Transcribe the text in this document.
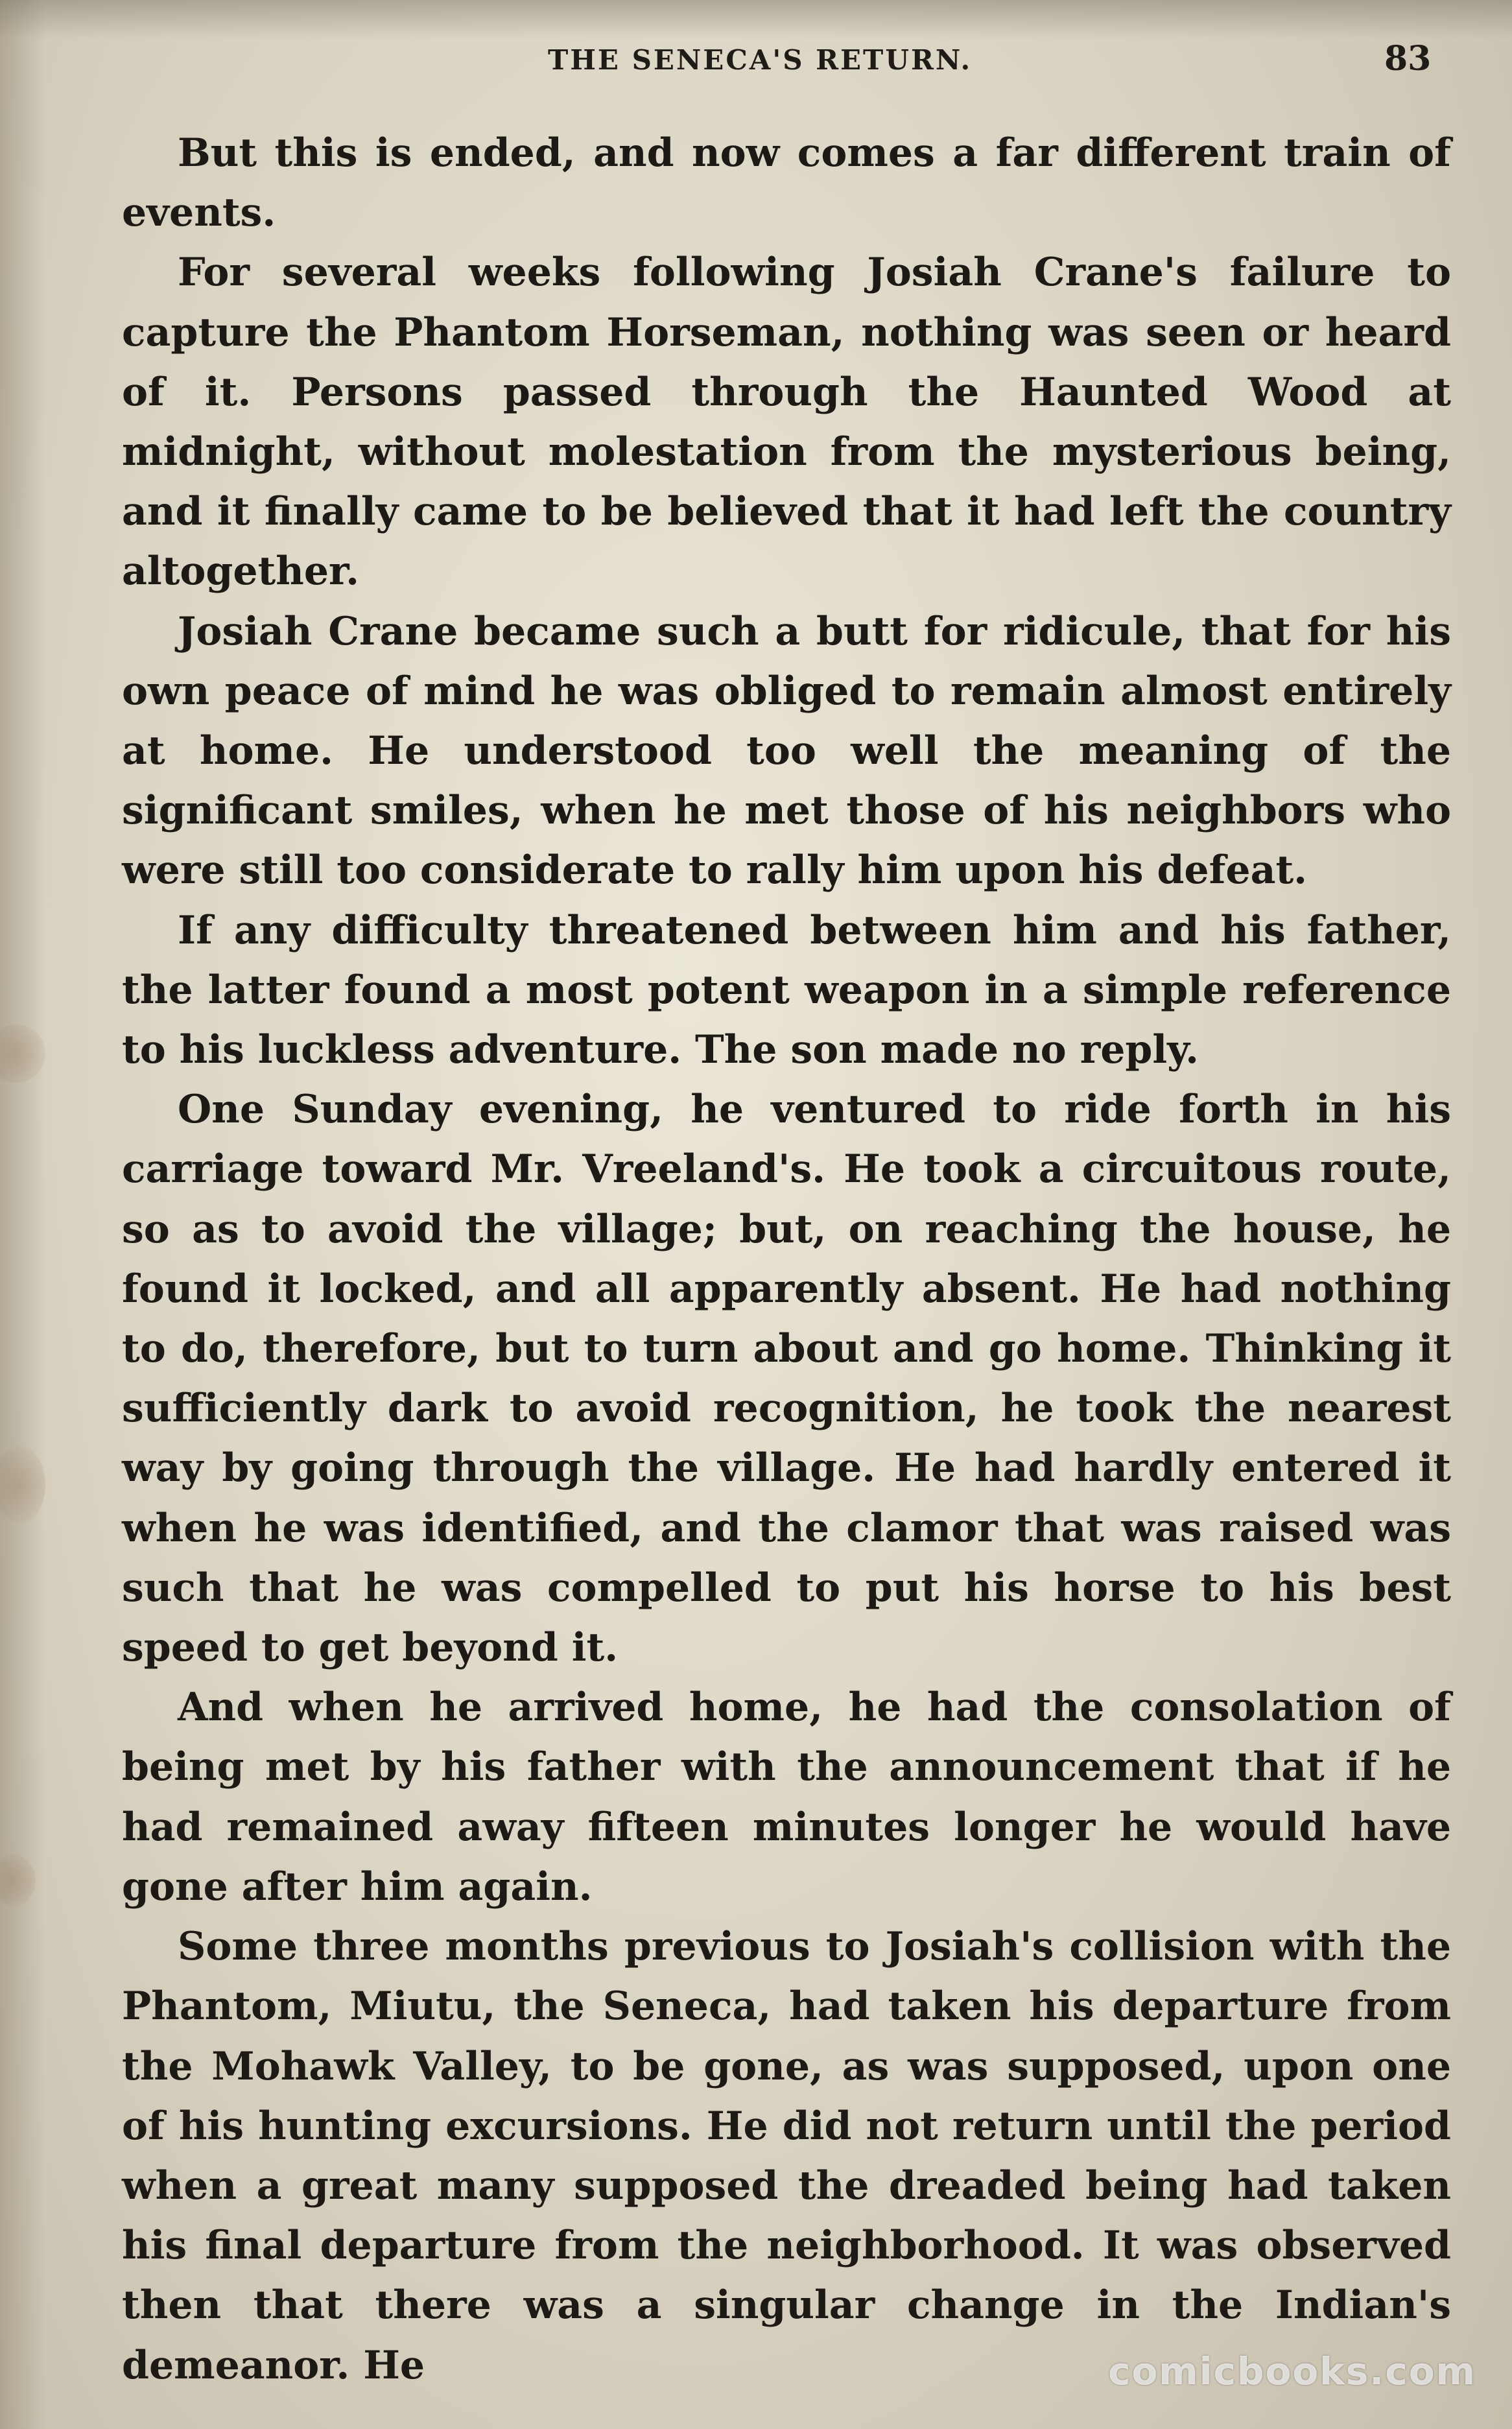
THE SENECA'S RETURN.	83

But this is ended, and now comes a far different train of events.

For several weeks following Josiah Crane's failure to capture the Phantom Horseman, nothing was seen or heard of it. Persons passed through the Haunted Wood at midnight, without molestation from the mysterious being, and it finally came to be believed that it had left the country altogether.

Josiah Crane became such a butt for ridicule, that for his own peace of mind he was obliged to remain almost entirely at home. He understood too well the meaning of the significant smiles, when he met those of his neighbors who were still too considerate to rally him upon his defeat.

If any difficulty threatened between him and his father, the latter found a most potent weapon in a simple reference to his luckless adventure. The son made no reply.

One Sunday evening, he ventured to ride forth in his carriage toward Mr. Vreeland's. He took a circuitous route, so as to avoid the village; but, on reaching the house, he found it locked, and all apparently absent. He had nothing to do, therefore, but to turn about and go home. Thinking it sufficiently dark to avoid recognition, he took the nearest way by going through the village. He had hardly entered it when he was identified, and the clamor that was raised was such that he was compelled to put his horse to his best speed to get beyond it.

And when he arrived home, he had the consolation of being met by his father with the announcement that if he had remained away fifteen minutes longer he would have gone after him again.

Some three months previous to Josiah's collision with the Phantom, Miutu, the Seneca, had taken his departure from the Mohawk Valley, to be gone, as was supposed, upon one of his hunting excursions. He did not return until the period when a great many supposed the dreaded being had taken his final departure from the neighborhood. It was observed then that there was a singular change in the Indian's demeanor. He	comicbooks.com
